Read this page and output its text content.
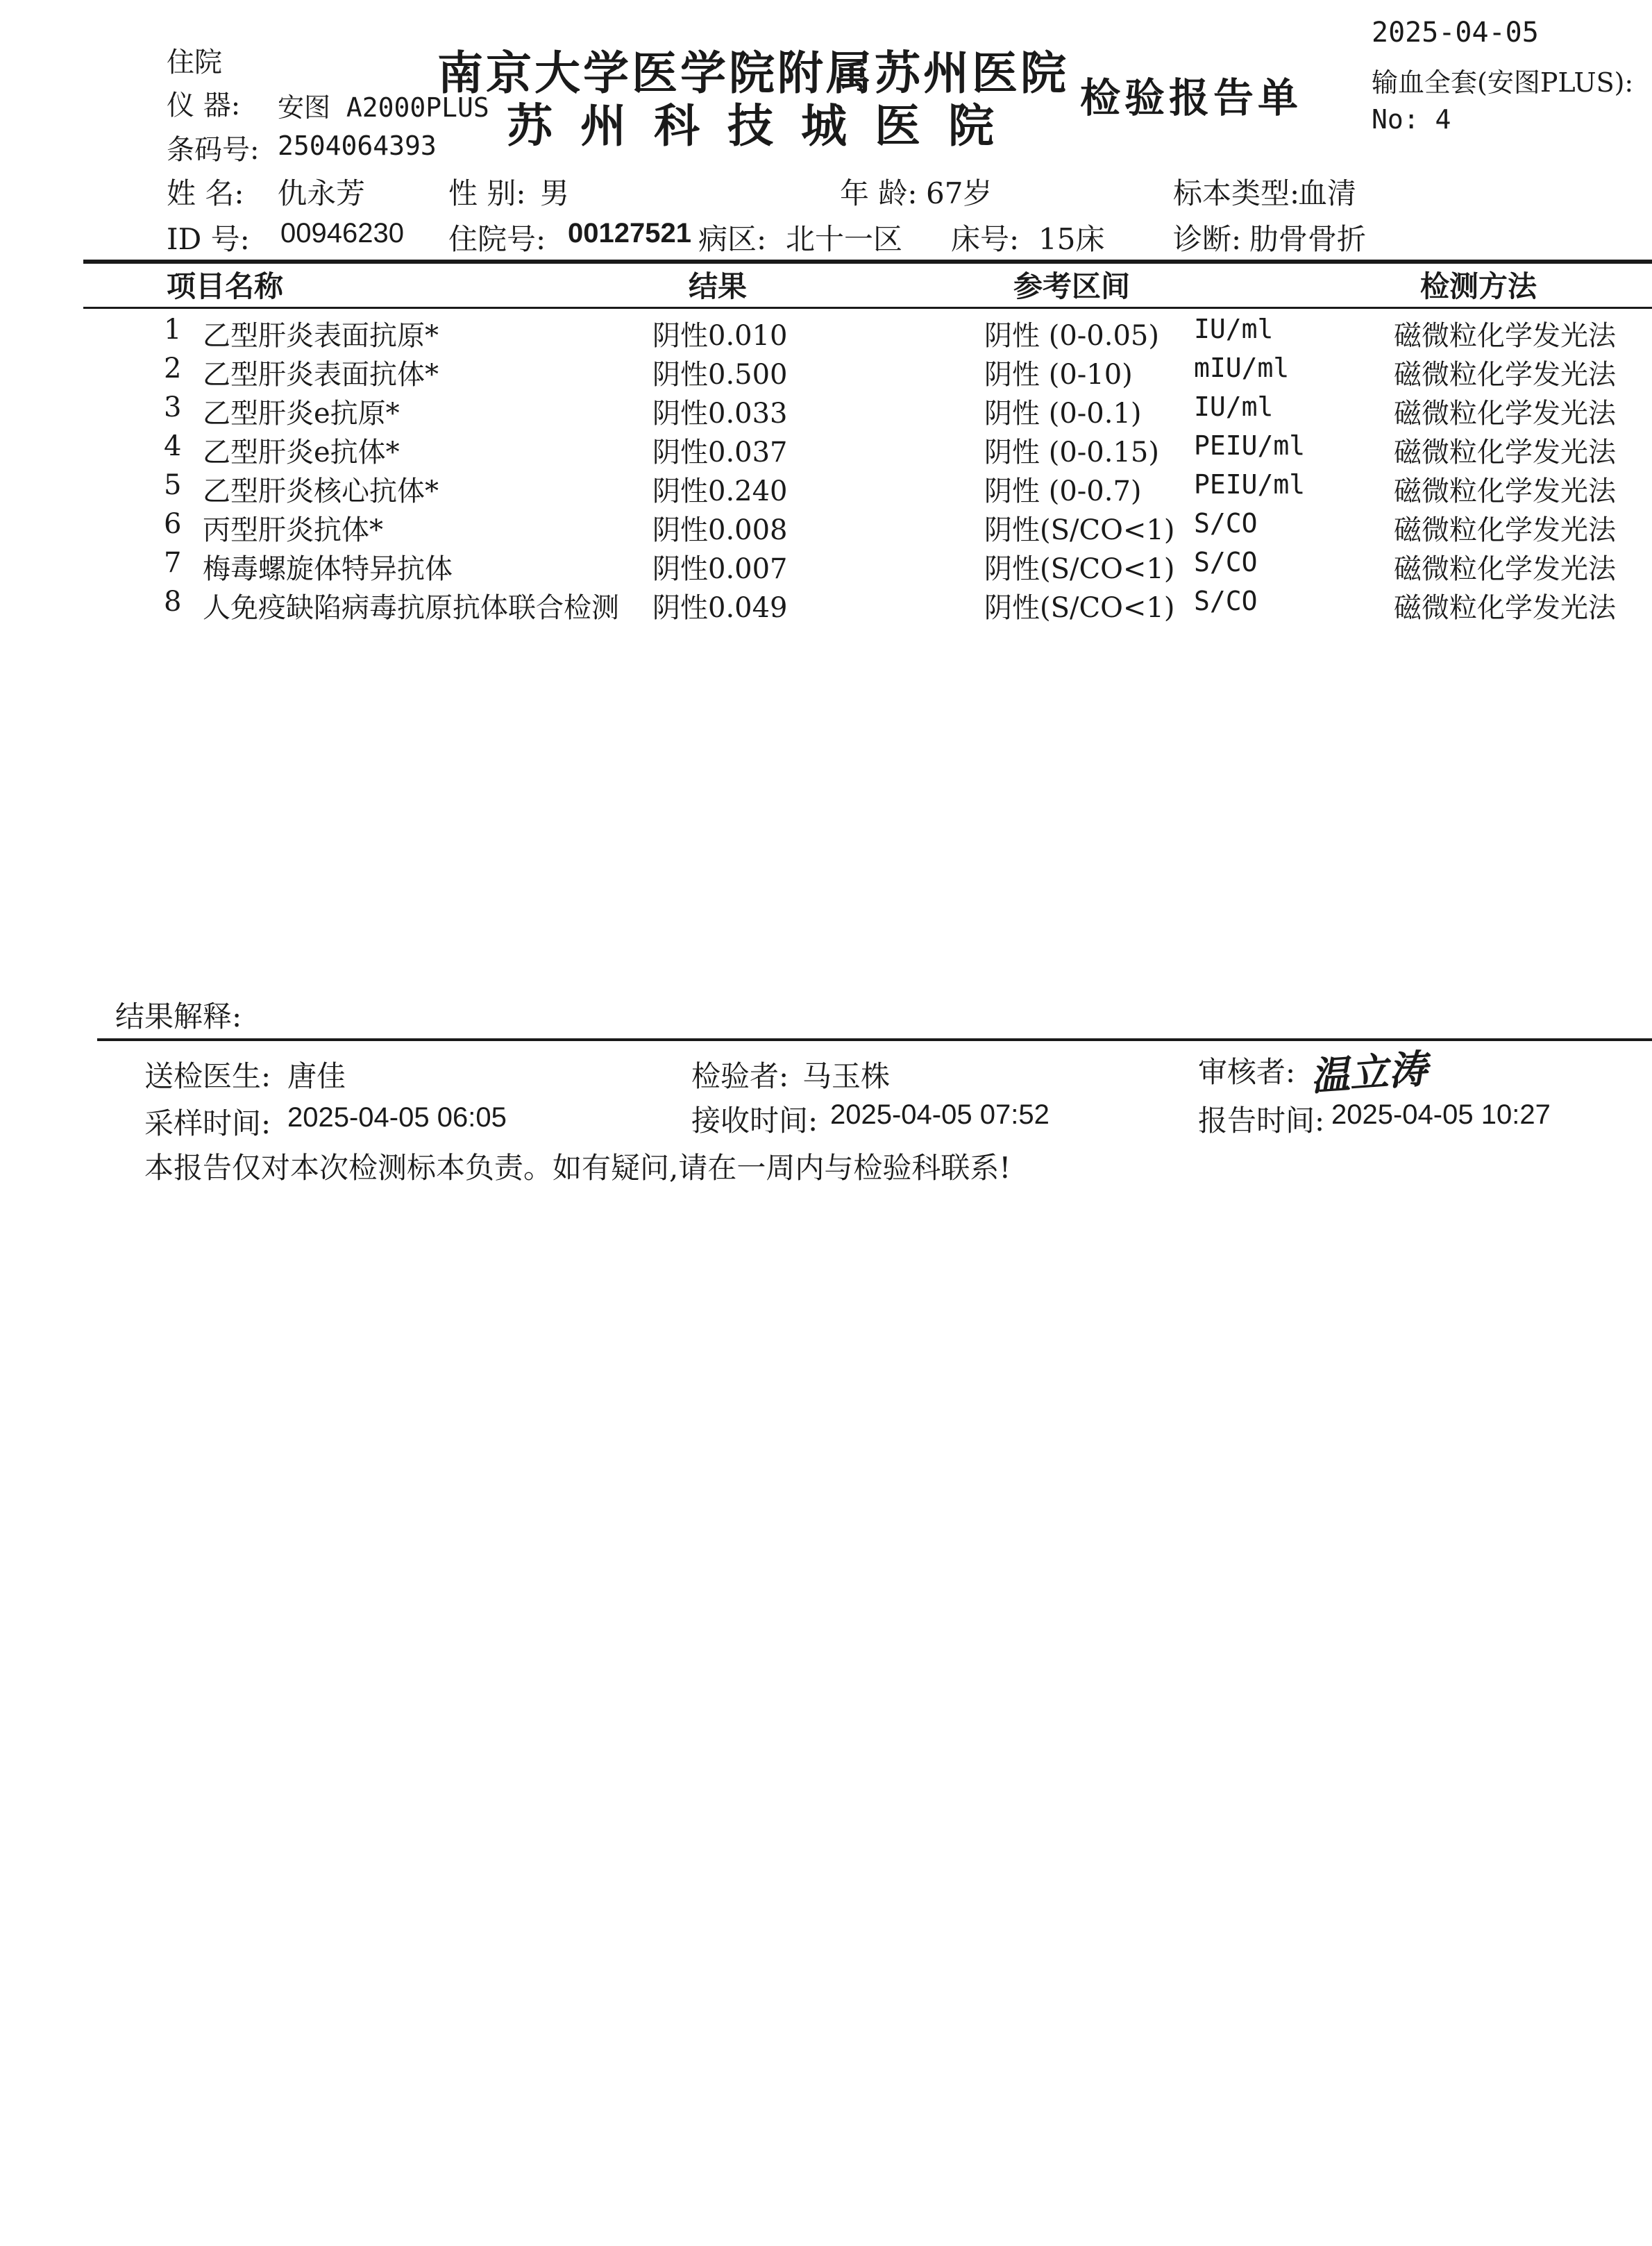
住院
仪 器: 安图 A2000PLUS
条码号: 2504064393
南京大学医学院附属苏州医院
苏州科技城医院
检验报告单
2025-04-05
输血全套(安图PLUS):
No: 4
姓 名: 仇永芳	性 别: 男	年 龄: 67岁	标本类型:
血清
ID 号: 00946230 住院号: 00127521 病区: 北十一区 床号: 15床 诊断: 肋骨骨折
项目名称	结果	参考区间	检测方法
1 乙型肝炎表面抗原*	阴性0.010	阴性 (0-0.05) IU/ml	磁微粒化学发光法
2 乙型肝炎表面抗体*	阴性0.500	阴性 (0-10) mIU/ml	磁微粒化学发光法
3 乙型肝炎e抗原*	阴性0.033	阴性 (0-0.1) IU/ml	磁微粒化学发光法
4 乙型肝炎e抗体*	阴性0.037	阴性 (0-0.15) PEIU/ml	磁微粒化学发光法
5 乙型肝炎核心抗体*	阴性0.240	阴性 (0-0.7) PEIU/ml	磁微粒化学发光法
6 丙型肝炎抗体*	阴性0.008	阴性(S/CO<1) S/CO	磁微粒化学发光法
7 梅毒螺旋体特异抗体	阴性0.007	阴性(S/CO<1) S/CO	磁微粒化学发光法
8 人免疫缺陷病毒抗原抗体联合检测 阴性0.049	阴性(S/CO<1) S/CO	磁微粒化学发光法
结果解释:
送检医生: 唐佳	检验者: 马玉株	审核者: 温立涛
采样时间: 2025-04-05 06:05	接收时间: 2025-04-05 07:52	报告时间: 2025-04-05 10:27
本报告仅对本次检测标本负责。如有疑问,请在一周内与检验科联系!
